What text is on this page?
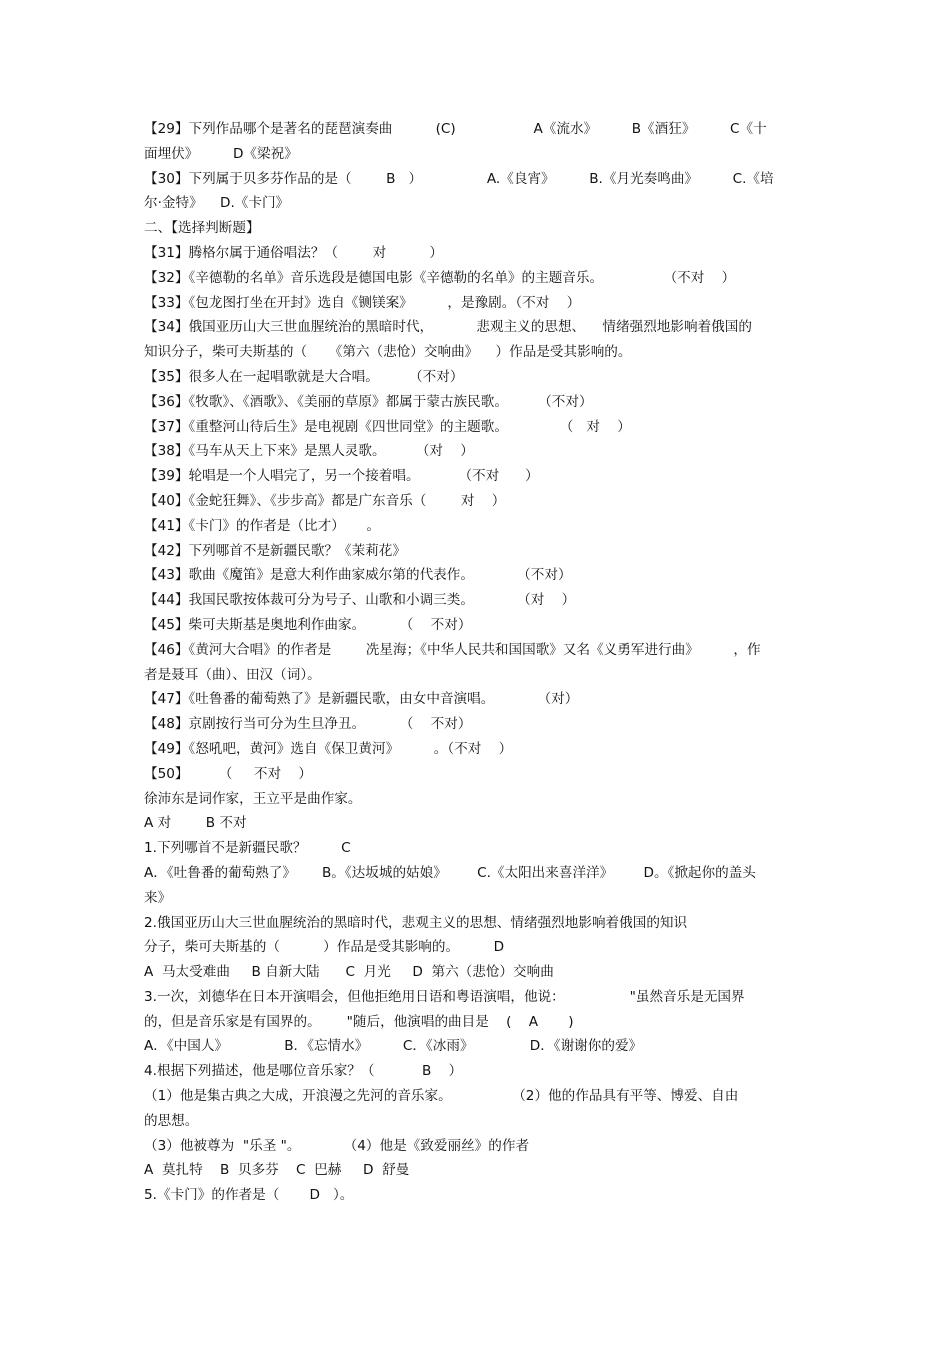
【29】下列作品哪个是著名的琵琶演奏曲          (C)                  A《流水》        B《酒狂》        C《十
面埋伏》        D《梁祝》
【30】下列属于贝多芬作品的是（        B   ）               A.《良宵》        B.《月光奏鸣曲》        C.《培
尔·金特》    D.《卡门》
二、【选择判断题】
【31】腾格尔属于通俗唱法？（        对          ）
【32】《辛德勒的名单》音乐选段是德国电影《辛德勒的名单》的主题音乐。              （不对    ）
【33】《包龙图打坐在开封》选自《铡镁案》        ，是豫剧。（不对    ）
【34】俄国亚历山大三世血腥统治的黑暗时代，          悲观主义的思想、    情绪强烈地影响着俄国的
知识分子，柴可夫斯基的（     《第六（悲怆）交响曲》    ）作品是受其影响的。
【35】很多人在一起唱歌就是大合唱。       （不对）
【36】《牧歌》、《酒歌》、《美丽的草原》都属于蒙古族民歌。       （不对）
【37】《重整河山待后生》是电视剧《四世同堂》的主题歌。            （   对    ）
【38】《马车从天上下来》是黑人灵歌。       （对    ）
【39】轮唱是一个人唱完了，另一个接着唱。         （不对      ）
【40】《金蛇狂舞》、《步步高》都是广东音乐（        对    ）
【41】《卡门》的作者是（比才）     。
【42】下列哪首不是新疆民歌？《茉莉花》
【43】歌曲《魔笛》是意大利作曲家威尔第的代表作。          （不对）
【44】我国民歌按体裁可分为号子、山歌和小调三类。          （对    ）
【45】柴可夫斯基是奥地利作曲家。        （    不对）
【46】《黄河大合唱》的作者是        冼星海；《中华人民共和国国歌》又名《义勇军进行曲》        ，作
者是聂耳（曲）、田汉（词）。
【47】《吐鲁番的葡萄熟了》是新疆民歌，由女中音演唱。          （对）
【48】京剧按行当可分为生旦净丑。        （    不对）
【49】《怒吼吧，黄河》选自《保卫黄河》        。（不对    ）
【50】       （     不对    ）
徐沛东是词作家，王立平是曲作家。
A 对        B 不对
1.下列哪首不是新疆民歌？        C
A．《吐鲁番的葡萄熟了》      B。《达坂城的姑娘》       C.《太阳出来喜洋洋》       D。《掀起你的盖头
来》
2.俄国亚历山大三世血腥统治的黑暗时代，悲观主义的思想、情绪强烈地影响着俄国的知识
分子，柴可夫斯基的（          ）作品是受其影响的。        D
A  马太受难曲     B 自新大陆      C  月光     D  第六（悲怆）交响曲
3.一次，刘德华在日本开演唱会，但他拒绝用日语和粤语演唱，他说：               "虽然音乐是无国界
的，但是音乐家是有国界的。      "随后，他演唱的曲目是    (    A       )
A．《中国人》             B．《忘情水》        C．《冰雨》             D．《谢谢你的爱》
4.根据下列描述，他是哪位音乐家？（           B    ）
（1）他是集古典之大成，开浪漫之先河的音乐家。              （2）他的作品具有平等、博爱、自由
的思想。
（3）他被尊为  "乐圣 "。          （4）他是《致爱丽丝》的作者
A  莫扎特    B  贝多芬    C  巴赫     D  舒曼
5.《卡门》的作者是（       D   ）。
